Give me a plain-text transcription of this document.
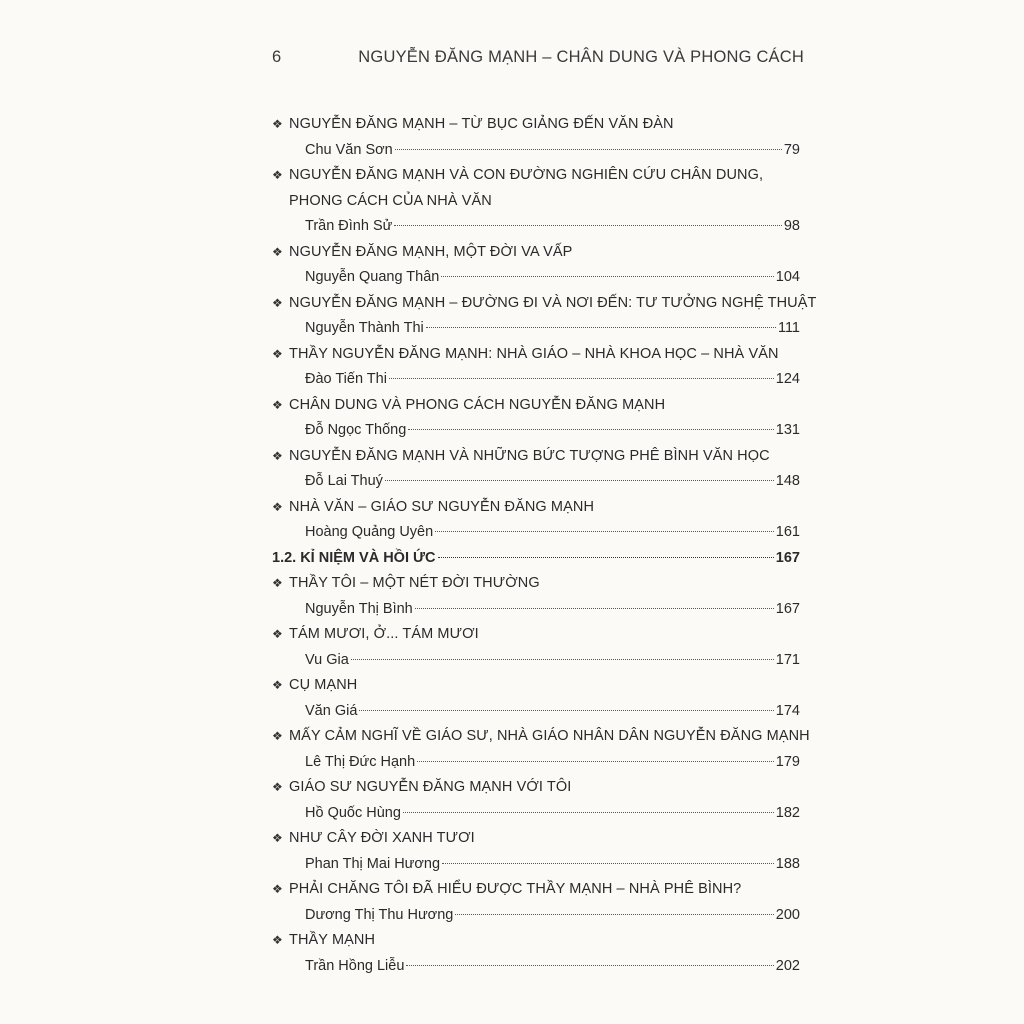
6	NGUYỄN ĐĂNG MẠNH – CHÂN DUNG VÀ PHONG CÁCH
❖ NGUYỄN ĐĂNG MẠNH – TỪ BỤC GIẢNG ĐẾN VĂN ĐÀN
Chu Văn Sơn	79
❖ NGUYỄN ĐĂNG MẠNH VÀ CON ĐƯỜNG NGHIÊN CỨU CHÂN DUNG,
PHONG CÁCH CỦA NHÀ VĂN
Trần Đình Sử	98
❖ NGUYỄN ĐĂNG MẠNH, MỘT ĐỜI VA VẤP
Nguyễn Quang Thân	104
❖ NGUYỄN ĐĂNG MẠNH – ĐƯỜNG ĐI VÀ NƠI ĐẾN: TƯ TƯỞNG NGHỆ THUẬT
Nguyễn Thành Thi	111
❖ THẦY NGUYỄN ĐĂNG MẠNH: NHÀ GIÁO – NHÀ KHOA HỌC – NHÀ VĂN
Đào Tiến Thi	124
❖ CHÂN DUNG VÀ PHONG CÁCH NGUYỄN ĐĂNG MẠNH
Đỗ Ngọc Thống	131
❖ NGUYỄN ĐĂNG MẠNH VÀ NHỮNG BỨC TƯỢNG PHÊ BÌNH VĂN HỌC
Đỗ Lai Thuý	148
❖ NHÀ VĂN – GIÁO SƯ NGUYỄN ĐĂNG MẠNH
Hoàng Quảng Uyên	161
1.2. KỈ NIỆM VÀ HỒI ỨC	167
❖ THẦY TÔI – MỘT NÉT ĐỜI THƯỜNG
Nguyễn Thị Bình	167
❖ TÁM MƯƠI, Ở... TÁM MƯƠI
Vu Gia	171
❖ CỤ MẠNH
Văn Giá	174
❖ MẤY CẢM NGHĨ VỀ GIÁO SƯ, NHÀ GIÁO NHÂN DÂN NGUYỄN ĐĂNG MẠNH
Lê Thị Đức Hạnh	179
❖ GIÁO SƯ NGUYỄN ĐĂNG MẠNH VỚI TÔI
Hồ Quốc Hùng	182
❖ NHƯ CÂY ĐỜI XANH TƯƠI
Phan Thị Mai Hương	188
❖ PHẢI CHĂNG TÔI ĐÃ HIỂU ĐƯỢC THẦY MẠNH – NHÀ PHÊ BÌNH?
Dương Thị Thu Hương	200
❖ THẦY MẠNH
Trần Hồng Liễu	202
